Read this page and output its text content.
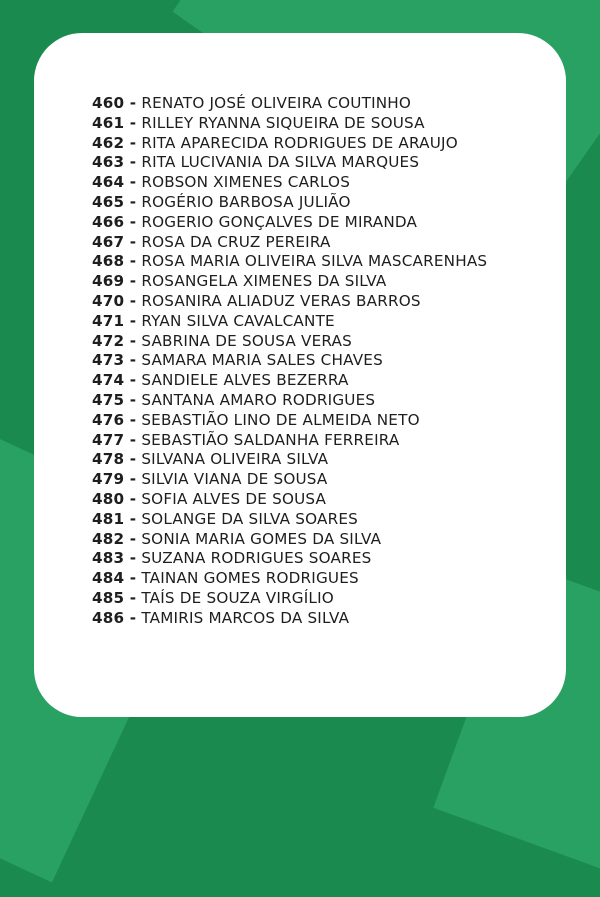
460 - RENATO JOSÉ OLIVEIRA COUTINHO
461 - RILLEY RYANNA SIQUEIRA DE SOUSA
462 - RITA APARECIDA RODRIGUES DE ARAUJO
463 - RITA LUCIVANIA DA SILVA MARQUES
464 - ROBSON XIMENES CARLOS
465 - ROGÉRIO BARBOSA JULIÃO
466 - ROGERIO GONÇALVES DE MIRANDA
467 - ROSA DA CRUZ PEREIRA
468 - ROSA MARIA OLIVEIRA SILVA MASCARENHAS
469 - ROSANGELA XIMENES DA SILVA
470 - ROSANIRA ALIADUZ VERAS BARROS
471 - RYAN SILVA CAVALCANTE
472 - SABRINA DE SOUSA VERAS
473 - SAMARA MARIA SALES CHAVES
474 - SANDIELE ALVES BEZERRA
475 - SANTANA AMARO RODRIGUES
476 - SEBASTIÃO LINO DE ALMEIDA NETO
477 - SEBASTIÃO SALDANHA FERREIRA
478 - SILVANA OLIVEIRA SILVA
479 - SILVIA VIANA DE SOUSA
480 - SOFIA ALVES DE SOUSA
481 - SOLANGE DA SILVA SOARES
482 - SONIA MARIA GOMES DA SILVA
483 - SUZANA RODRIGUES SOARES
484 - TAINAN GOMES RODRIGUES
485 - TAÍS DE SOUZA VIRGÍLIO
486 - TAMIRIS MARCOS DA SILVA
